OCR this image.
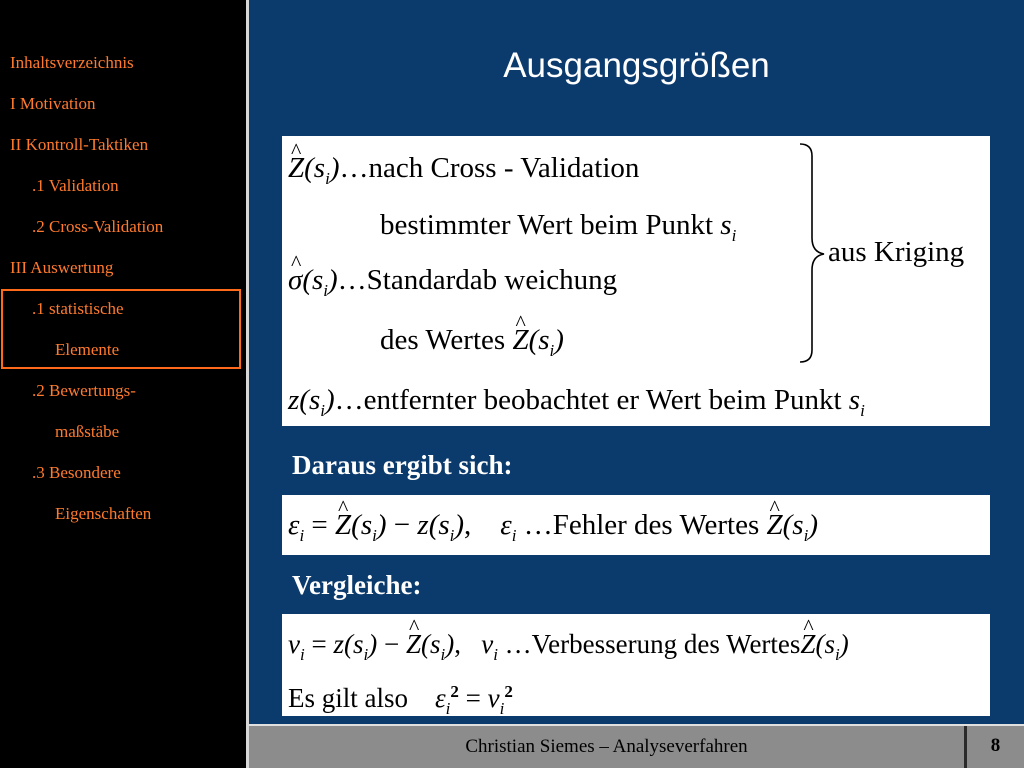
Inhaltsverzeichnis
I Motivation
II Kontroll-Taktiken
.1 Validation
.2 Cross-Validation
III Auswertung
.1 statistische
Elemente
.2 Bewertungs-
maßstäbe
.3 Besondere
Eigenschaften
Ausgangsgrößen
^ $Z(s_i)\dots nach$ Cross - Validation
bestimmter Wert beim Punkt $s_i$
^ $\sigma(s_i)\dots Standardab$ weichung
des Wertes ^ $Z(s_i)$
$z(s_i)\dots entfernter$ beobachtet er Wert beim Punkt $s_i$
aus Kriging
Daraus ergibt sich:
$\varepsilon_i$ = ^ $Z(s_i) - z(s_i)$, $\varepsilon_i$ …Fehler des Wertes ^ $Z(s_i)$
Vergleiche:
$v_i = z(s_i)$ − ^ $Z(s_i)$, $v_i$ …Verbesserung des Wertes^ $Z(s_i)$
Es gilt also $\varepsilon_i^2 = v_i^2$
Christian Siemes – Analyseverfahren	8
